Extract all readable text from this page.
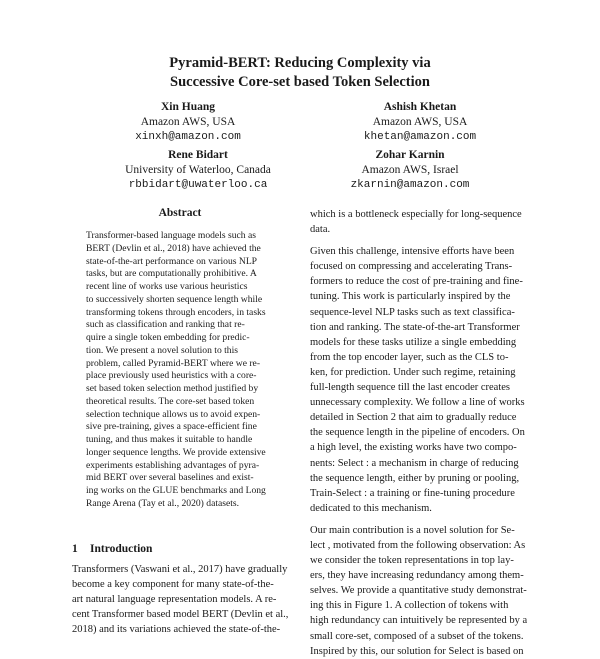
Pyramid-BERT: Reducing Complexity via
Successive Core-set based Token Selection
Xin Huang
Amazon AWS, USA
xinxh@amazon.com
Ashish Khetan
Amazon AWS, USA
khetan@amazon.com
Rene Bidart
University of Waterloo, Canada
rbbidart@uwaterloo.ca
Zohar Karnin
Amazon AWS, Israel
zkarnin@amazon.com
Abstract
Transformer-based language models such as
BERT (Devlin et al., 2018) have achieved the
state-of-the-art performance on various NLP
tasks, but are computationally prohibitive. A
recent line of works use various heuristics
to successively shorten sequence length while
transforming tokens through encoders, in tasks
such as classification and ranking that re-
quire a single token embedding for predic-
tion. We present a novel solution to this
problem, called Pyramid-BERT where we re-
place previously used heuristics with a core-
set based token selection method justified by
theoretical results. The core-set based token
selection technique allows us to avoid expen-
sive pre-training, gives a space-efficient fine
tuning, and thus makes it suitable to handle
longer sequence lengths. We provide extensive
experiments establishing advantages of pyra-
mid BERT over several baselines and exist-
ing works on the GLUE benchmarks and Long
Range Arena (Tay et al., 2020) datasets.
1 Introduction
Transformers (Vaswani et al., 2017) have gradually
become a key component for many state-of-the-
art natural language representation models. A re-
cent Transformer based model BERT (Devlin et al.,
2018) and its variations achieved the state-of-the-
which is a bottleneck especially for long-sequence
data.
Given this challenge, intensive efforts have been
focused on compressing and accelerating Trans-
formers to reduce the cost of pre-training and fine-
tuning. This work is particularly inspired by the
sequence-level NLP tasks such as text classifica-
tion and ranking. The state-of-the-art Transformer
models for these tasks utilize a single embedding
from the top encoder layer, such as the CLS to-
ken, for prediction. Under such regime, retaining
full-length sequence till the last encoder creates
unnecessary complexity. We follow a line of works
detailed in Section 2 that aim to gradually reduce
the sequence length in the pipeline of encoders. On
a high level, the existing works have two compo-
nents: Select : a mechanism in charge of reducing
the sequence length, either by pruning or pooling,
Train-Select : a training or fine-tuning procedure
dedicated to this mechanism.
Our main contribution is a novel solution for Se-
lect , motivated from the following observation: As
we consider the token representations in top lay-
ers, they have increasing redundancy among them-
selves. We provide a quantitative study demonstrat-
ing this in Figure 1. A collection of tokens with
high redundancy can intuitively be represented by a
small core-set, composed of a subset of the tokens.
Inspired by this, our solution for Select is based on
